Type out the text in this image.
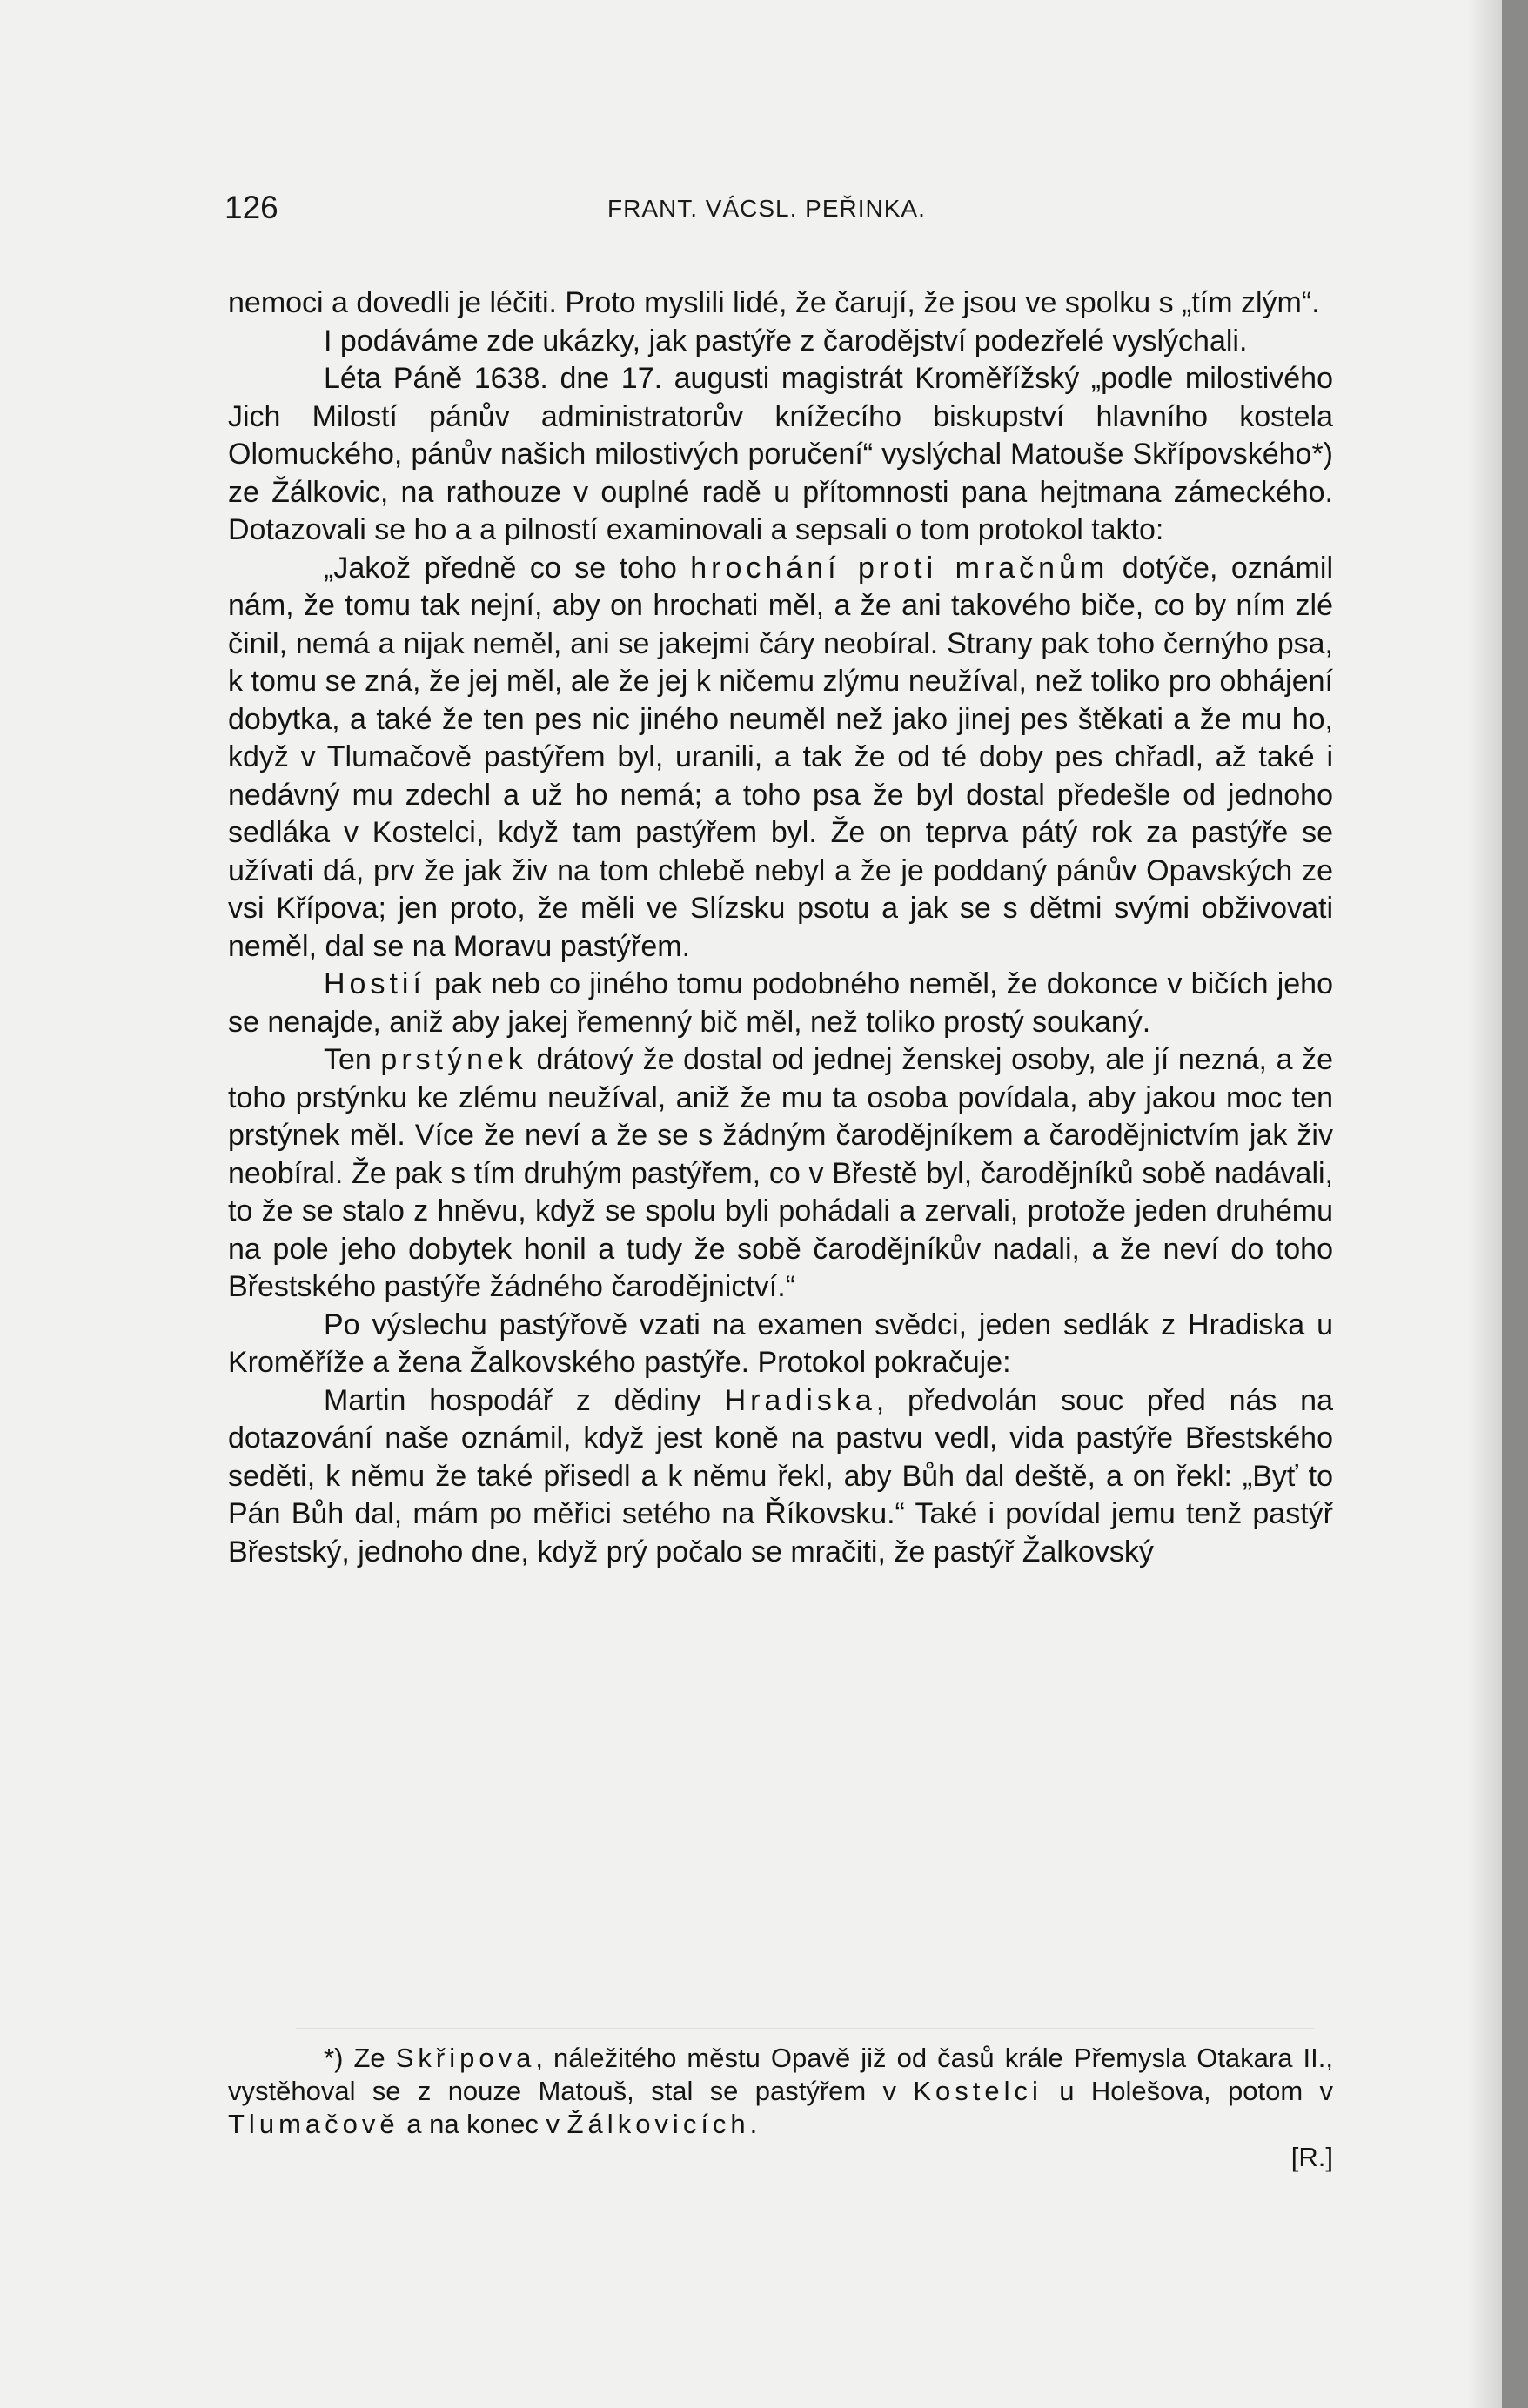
126	FRANT. VÁCSL. PEŘINKA.

nemoci a dovedli je léčiti. Proto myslili lidé, že čarují, že jsou ve spolku s „tím zlým“.

I podáváme zde ukázky, jak pastýře z čarodějství podezřelé vyslýchali.

Léta Páně 1638. dne 17. augusti magistrát Kroměřížský „podle milostivého Jich Milostí pánův administratorův knížecího biskupství hlavního kostela Olomuckého, pánův našich milostivých poručení“ vyslýchal Matouše Skřípovského*) ze Žálkovic, na rathouze v ouplné radě u přítomnosti pana hejtmana zámeckého. Dotazovali se ho a a pilností examinovali a sepsali o tom protokol takto:

„Jakož předně co se toho hrochání proti mračnům dotýče, oznámil nám, že tomu tak nejní, aby on hrochati měl, a že ani takového biče, co by ním zlé činil, nemá a nijak neměl, ani se jakejmi čáry neobíral. Strany pak toho černýho psa, k tomu se zná, že jej měl, ale že jej k ničemu zlýmu neužíval, než toliko pro obhájení dobytka, a také že ten pes nic jiného neuměl než jako jinej pes štěkati a že mu ho, když v Tlumačově pastýřem byl, uranili, a tak že od té doby pes chřadl, až také i nedávný mu zdechl a už ho nemá; a toho psa že byl dostal předešle od jednoho sedláka v Kostelci, když tam pastýřem byl. Že on teprva pátý rok za pastýře se užívati dá, prv že jak živ na tom chlebě nebyl a že je poddaný pánův Opavských ze vsi Křípova; jen proto, že měli ve Slízsku psotu a jak se s dětmi svými obživovati neměl, dal se na Moravu pastýřem.

Hostií pak neb co jiného tomu podobného neměl, že dokonce v bičích jeho se nenajde, aniž aby jakej řemenný bič měl, než toliko prostý soukaný.

Ten prstýnek drátový že dostal od jednej ženskej osoby, ale jí nezná, a že toho prstýnku ke zlému neužíval, aniž že mu ta osoba povídala, aby jakou moc ten prstýnek měl. Více že neví a že se s žádným čarodějníkem a čarodějnictvím jak živ neobíral. Že pak s tím druhým pastýřem, co v Břestě byl, čarodějníků sobě nadávali, to že se stalo z hněvu, když se spolu byli pohádali a zervali, protože jeden druhému na pole jeho dobytek honil a tudy že sobě čarodějníkův nadali, a že neví do toho Břestského pastýře žádného čarodějnictví.“

Po výslechu pastýřově vzati na examen svědci, jeden sedlák z Hradiska u Kroměříže a žena Žalkovského pastýře. Protokol pokračuje:

Martin hospodář z dědiny Hradiska, předvolán souc před nás na dotazování naše oznámil, když jest koně na pastvu vedl, vida pastýře Břestského seděti, k němu že také přisedl a k němu řekl, aby Bůh dal deště, a on řekl: „Byť to Pán Bůh dal, mám po měřici setého na Říkovsku.“ Také i povídal jemu tenž pastýř Břestský, jednoho dne, když prý počalo se mračiti, že pastýř Žalkovský

*) Ze Skřipova, náležitého městu Opavě již od časů krále Přemysla Otakara II., vystěhoval se z nouze Matouš, stal se pastýřem v Kostelci u Holešova, potom v Tlumačově a na konec v Žálkovicích.
[R.]
